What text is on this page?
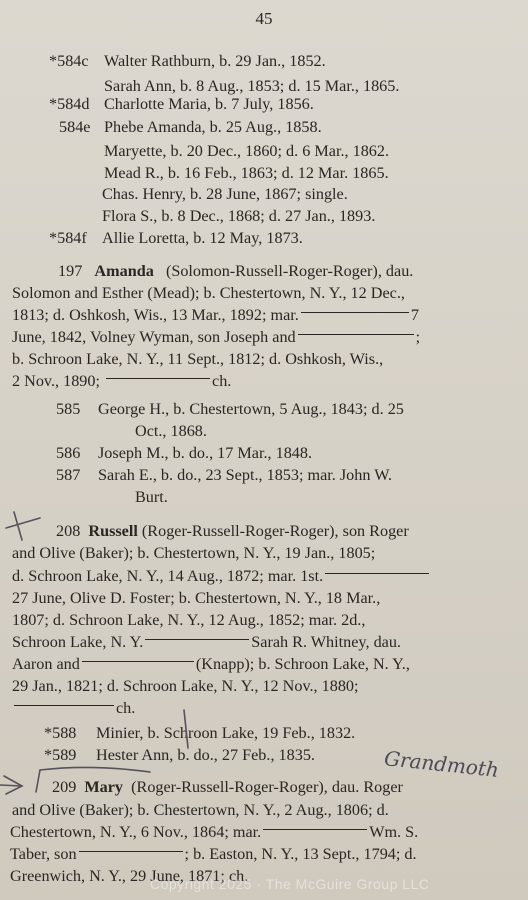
45
*584c Walter Rathburn, b. 29 Jan., 1852.
Sarah Ann, b. 8 Aug., 1853; d. 15 Mar., 1865.
*584d Charlotte Maria, b. 7 July, 1856.
584e Phebe Amanda, b. 25 Aug., 1858.
Maryette, b. 20 Dec., 1860; d. 6 Mar., 1862.
Mead R., b. 16 Feb., 1863; d. 12 Mar. 1865.
Chas. Henry, b. 28 June, 1867; single.
Flora S., b. 8 Dec., 1868; d. 27 Jan., 1893.
*584f Allie Loretta, b. 12 May, 1873.
197 Amanda (Solomon-Russell-Roger-Roger), dau.
Solomon and Esther (Mead); b. Chestertown, N. Y., 12 Dec.,
1813; d. Oshkosh, Wis., 13 Mar., 1892; mar.	7
June, 1842, Volney Wyman, son Joseph and	;
b. Schroon Lake, N. Y., 11 Sept., 1812; d. Oshkosh, Wis.,
2 Nov., 1890;	ch.
585 George H., b. Chestertown, 5 Aug., 1843; d. 25
Oct., 1868.
586 Joseph M., b. do., 17 Mar., 1848.
587 Sarah E., b. do., 23 Sept., 1853; mar. John W.
Burt.
208 Russell (Roger-Russell-Roger-Roger), son Roger
and Olive (Baker); b. Chestertown, N. Y., 19 Jan., 1805;
d. Schroon Lake, N. Y., 14 Aug., 1872; mar. 1st.
27 June, Olive D. Foster; b. Chestertown, N. Y., 18 Mar.,
1807; d. Schroon Lake, N. Y., 12 Aug., 1852; mar. 2d.,
Schroon Lake, N. Y.	Sarah R. Whitney, dau.
Aaron and	(Knapp); b. Schroon Lake, N. Y.,
29 Jan., 1821; d. Schroon Lake, N. Y., 12 Nov., 1880;
ch.
*588 Minier, b. Schroon Lake, 19 Feb., 1832.
*589 Hester Ann, b. do., 27 Feb., 1835.
209 Mary (Roger-Russell-Roger-Roger), dau. Roger
and Olive (Baker); b. Chestertown, N. Y., 2 Aug., 1806; d.
Chestertown, N. Y., 6 Nov., 1864; mar.	Wm. S.
Taber, son	; b. Easton, N. Y., 13 Sept., 1794; d.
Greenwich, N. Y., 29 June, 1871; ch.
Grandmoth
Copyright 2025 · The McGuire Group LLC
